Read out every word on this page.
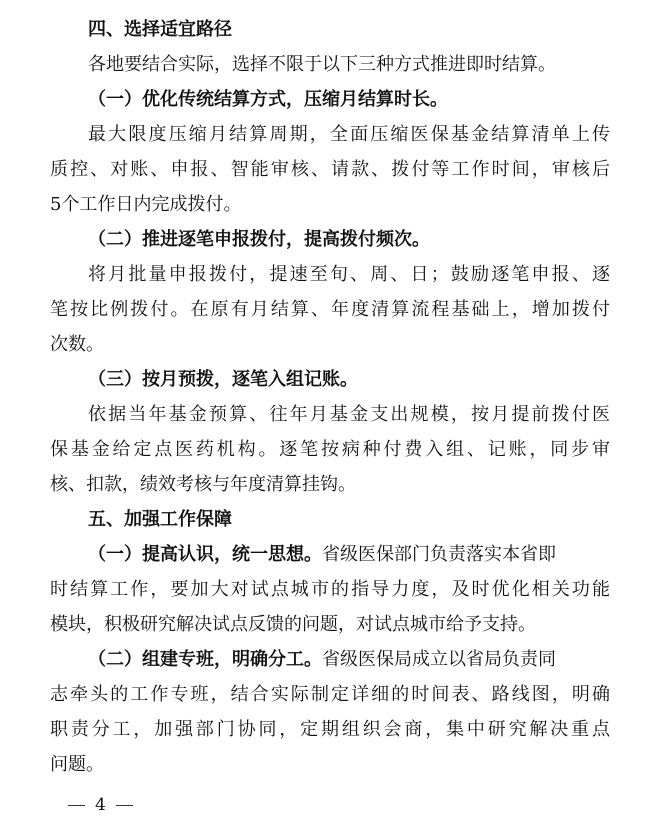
四、选择适宜路径
各地要结合实际，选择不限于以下三种方式推进即时结算。
（一）优化传统结算方式，压缩月结算时长。
最大限度压缩月结算周期，全面压缩医保基金结算清单上传
质控、对账、申报、智能审核、请款、拨付等工作时间，审核后
5个工作日内完成拨付。
（二）推进逐笔申报拨付，提高拨付频次。
将月批量申报拨付，提速至旬、周、日；鼓励逐笔申报、逐
笔按比例拨付。在原有月结算、年度清算流程基础上，增加拨付
次数。
（三）按月预拨，逐笔入组记账。
依据当年基金预算、往年月基金支出规模，按月提前拨付医
保基金给定点医药机构。逐笔按病种付费入组、记账，同步审
核、扣款，绩效考核与年度清算挂钩。
五、加强工作保障
（一）提高认识，统一思想。省级医保部门负责落实本省即
时结算工作，要加大对试点城市的指导力度，及时优化相关功能
模块，积极研究解决试点反馈的问题，对试点城市给予支持。
（二）组建专班，明确分工。省级医保局成立以省局负责同
志牵头的工作专班，结合实际制定详细的时间表、路线图，明确
职责分工，加强部门协同，定期组织会商，集中研究解决重点
问题。
4
